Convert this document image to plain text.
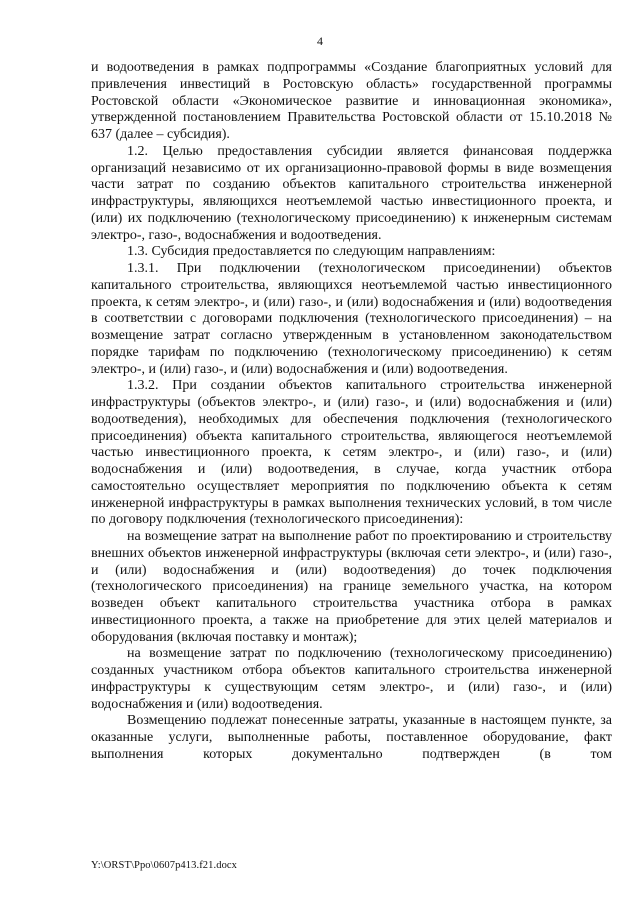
4

и водоотведения в рамках подпрограммы «Создание благоприятных условий для привлечения инвестиций в Ростовскую область» государственной программы Ростовской области «Экономическое развитие и инновационная экономика», утвержденной постановлением Правительства Ростовской области от 15.10.2018 № 637 (далее – субсидия).

1.2. Целью предоставления субсидии является финансовая поддержка организаций независимо от их организационно-правовой формы в виде возмещения части затрат по созданию объектов капитального строительства инженерной инфраструктуры, являющихся неотъемлемой частью инвестиционного проекта, и (или) их подключению (технологическому присоединению) к инженерным системам электро-, газо-, водоснабжения и водоотведения.

1.3. Субсидия предоставляется по следующим направлениям:

1.3.1. При подключении (технологическом присоединении) объектов капитального строительства, являющихся неотъемлемой частью инвестиционного проекта, к сетям электро-, и (или) газо-, и (или) водоснабжения и (или) водоотведения в соответствии с договорами подключения (технологического присоединения) – на возмещение затрат согласно утвержденным в установленном законодательством порядке тарифам по подключению (технологическому присоединению) к сетям электро-, и (или) газо-, и (или) водоснабжения и (или) водоотведения.

1.3.2. При создании объектов капитального строительства инженерной инфраструктуры (объектов электро-, и (или) газо-, и (или) водоснабжения и (или) водоотведения), необходимых для обеспечения подключения (технологического присоединения) объекта капитального строительства, являющегося неотъемлемой частью инвестиционного проекта, к сетям электро-, и (или) газо-, и (или) водоснабжения и (или) водоотведения, в случае, когда участник отбора самостоятельно осуществляет мероприятия по подключению объекта к сетям инженерной инфраструктуры в рамках выполнения технических условий, в том числе по договору подключения (технологического присоединения):

на возмещение затрат на выполнение работ по проектированию и строительству внешних объектов инженерной инфраструктуры (включая сети электро-, и (или) газо-, и (или) водоснабжения и (или) водоотведения) до точек подключения (технологического присоединения) на границе земельного участка, на котором возведен объект капитального строительства участника отбора в рамках инвестиционного проекта, а также на приобретение для этих целей материалов и оборудования (включая поставку и монтаж);

на возмещение затрат по подключению (технологическому присоединению) созданных участником отбора объектов капитального строительства инженерной инфраструктуры к существующим сетям электро-, и (или) газо-, и (или) водоснабжения и (или) водоотведения.

Возмещению подлежат понесенные затраты, указанные в настоящем пункте, за оказанные услуги, выполненные работы, поставленное оборудование, факт выполнения которых документально подтвержден (в том

Y:\ORST\Ppo\0607p413.f21.docx
